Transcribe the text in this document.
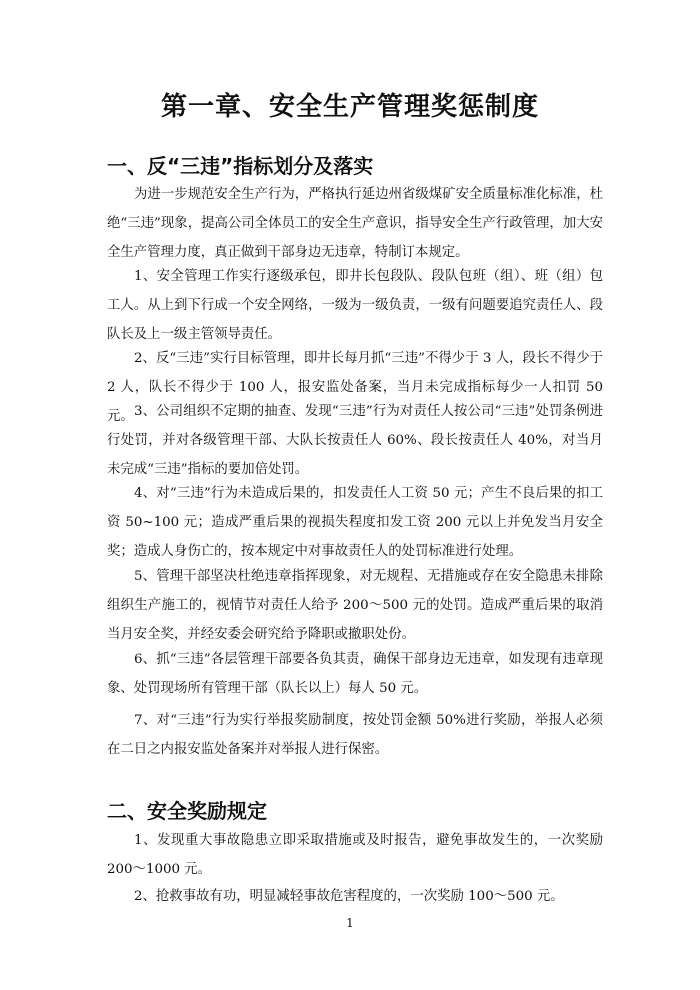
第一章、安全生产管理奖惩制度
一、反“三违”指标划分及落实

为进一步规范安全生产行为，严格执行延边州省级煤矿安全质量标准化标准，杜绝“三违”现象，提高公司全体员工的安全生产意识，指导安全生产行政管理，加大安全生产管理力度，真正做到干部身边无违章，特制订本规定。

1、安全管理工作实行逐级承包，即井长包段队、段队包班（组）、班（组）包工人。从上到下行成一个安全网络，一级为一级负责，一级有问题要追究责任人、段队长及上一级主管领导责任。

2、反“三违”实行目标管理，即井长每月抓“三违”不得少于 3 人，段长不得少于 2 人，队长不得少于 100 人，报安监处备案，当月未完成指标每少一人扣罚 50 元。 3、公司组织不定期的抽查、发现“三违”行为对责任人按公司“三违”处罚条例进行处罚，并对各级管理干部、大队长按责任人 60%、段长按责任人 40%，对当月未完成“三违”指标的要加倍处罚。

4、对“三违”行为未造成后果的，扣发责任人工资 50 元；产生不良后果的扣工资 50~100 元；造成严重后果的视损失程度扣发工资 200 元以上并免发当月安全奖；造成人身伤亡的，按本规定中对事故责任人的处罚标准进行处理。

5、管理干部坚决杜绝违章指挥现象，对无规程、无措施或存在安全隐患未排除组织生产施工的，视情节对责任人给予 200～500 元的处罚。造成严重后果的取消当月安全奖，并经安委会研究给予降职或撤职处份。

6、抓“三违”各层管理干部要各负其责，确保干部身边无违章，如发现有违章现象、处罚现场所有管理干部（队长以上）每人 50 元。

7、对“三违”行为实行举报奖励制度，按处罚金额 50%进行奖励，举报人必须在二日之内报安监处备案并对举报人进行保密。

二、安全奖励规定

1、发现重大事故隐患立即采取措施或及时报告，避免事故发生的，一次奖励 200～1000 元。

2、抢救事故有功，明显减轻事故危害程度的，一次奖励 100～500 元。

1
